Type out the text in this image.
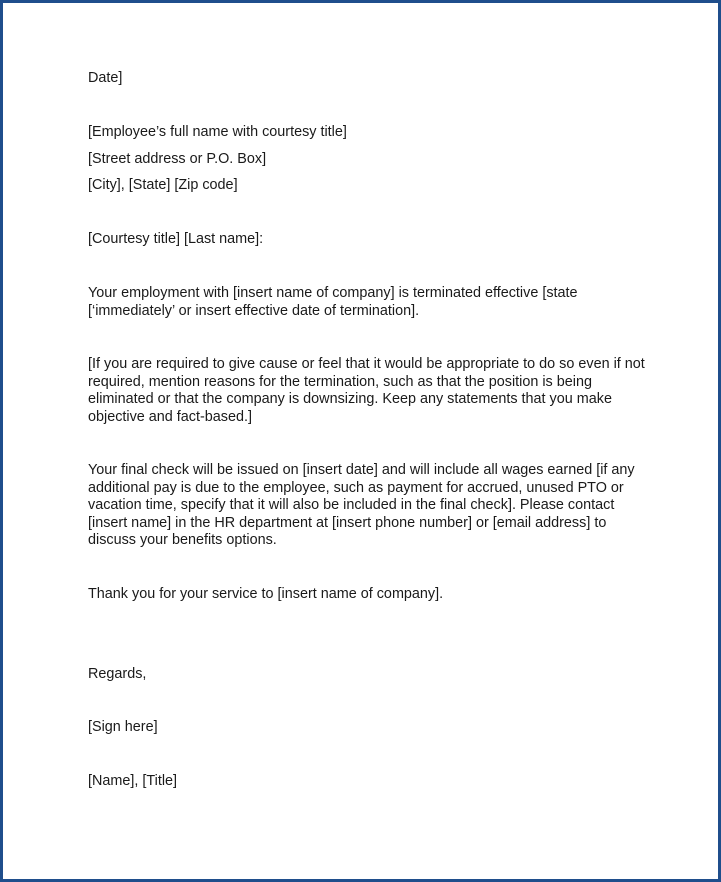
Date]
[Employee’s full name with courtesy title]
[Street address or P.O. Box]
[City], [State] [Zip code]
[Courtesy title] [Last name]:
Your employment with [insert name of company] is terminated effective [state
[‘immediately’ or insert effective date of termination].
[If you are required to give cause or feel that it would be appropriate to do so even if not
required, mention reasons for the termination, such as that the position is being
eliminated or that the company is downsizing. Keep any statements that you make
objective and fact-based.]
Your final check will be issued on [insert date] and will include all wages earned [if any
additional pay is due to the employee, such as payment for accrued, unused PTO or
vacation time, specify that it will also be included in the final check]. Please contact
[insert name] in the HR department at [insert phone number] or [email address] to
discuss your benefits options.
Thank you for your service to [insert name of company].
Regards,
[Sign here]
[Name], [Title]
